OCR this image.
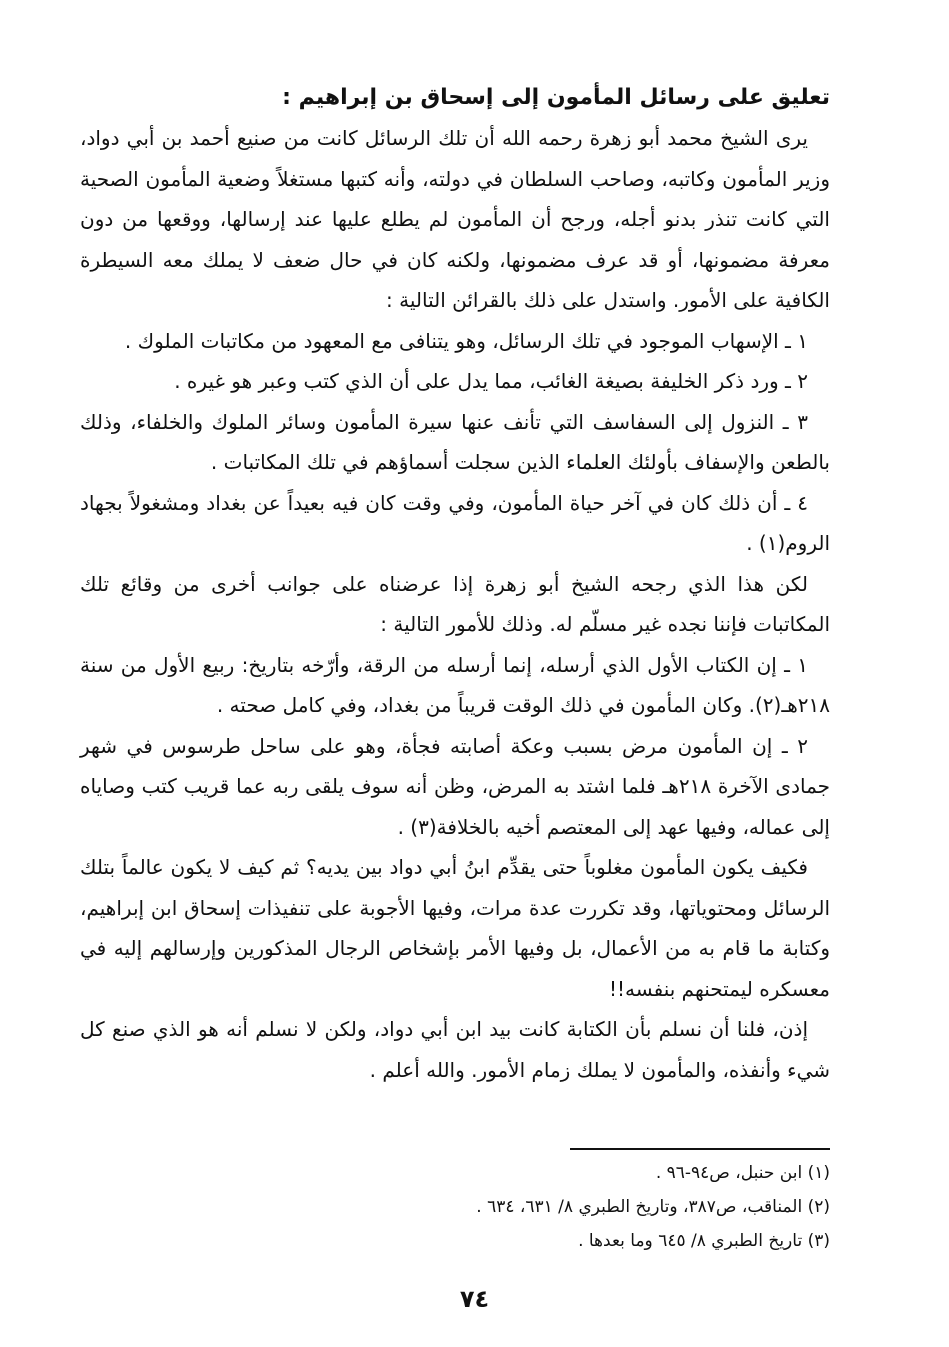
تعليق على رسائل المأمون إلى إسحاق بن إبراهيم :

يرى الشيخ محمد أبو زهرة رحمه الله أن تلك الرسائل كانت من صنيع أحمد بن أبي دواد، وزير المأمون وكاتبه، وصاحب السلطان في دولته، وأنه كتبها مستغلاً وضعية المأمون الصحية التي كانت تنذر بدنو أجله، ورجح أن المأمون لم يطلع عليها عند إرسالها، ووقعها من دون معرفة مضمونها، أو قد عرف مضمونها، ولكنه كان في حال ضعف لا يملك معه السيطرة الكافية على الأمور. واستدل على ذلك بالقرائن التالية :

١ ـ الإسهاب الموجود في تلك الرسائل، وهو يتنافى مع المعهود من مكاتبات الملوك .

٢ ـ ورد ذكر الخليفة بصيغة الغائب، مما يدل على أن الذي كتب وعبر هو غيره .

٣ ـ النزول إلى السفاسف التي تأنف عنها سيرة المأمون وسائر الملوك والخلفاء، وذلك بالطعن والإسفاف بأولئك العلماء الذين سجلت أسماؤهم في تلك المكاتبات .

٤ ـ أن ذلك كان في آخر حياة المأمون، وفي وقت كان فيه بعيداً عن بغداد ومشغولاً بجهاد الروم(١) .

لكن هذا الذي رجحه الشيخ أبو زهرة إذا عرضناه على جوانب أخرى من وقائع تلك المكاتبات فإننا نجده غير مسلّم له. وذلك للأمور التالية :

١ ـ إن الكتاب الأول الذي أرسله، إنما أرسله من الرقة، وأرّخه بتاريخ: ربيع الأول من سنة ٢١٨هـ(٢). وكان المأمون في ذلك الوقت قريباً من بغداد، وفي كامل صحته .

٢ ـ إن المأمون مرض بسبب وعكة أصابته فجأة، وهو على ساحل طرسوس في شهر جمادى الآخرة ٢١٨هـ فلما اشتد به المرض، وظن أنه سوف يلقى ربه عما قريب كتب وصاياه إلى عماله، وفيها عهد إلى المعتصم أخيه بالخلافة(٣) .

فكيف يكون المأمون مغلوباً حتى يقدِّم ابنُ أبي دواد بين يديه؟ ثم كيف لا يكون عالماً بتلك الرسائل ومحتوياتها، وقد تكررت عدة مرات، وفيها الأجوبة على تنفيذات إسحاق ابن إبراهيم، وكتابة ما قام به من الأعمال، بل وفيها الأمر بإشخاص الرجال المذكورين وإرسالهم إليه في معسكره ليمتحنهم بنفسه!!

إذن، فلنا أن نسلم بأن الكتابة كانت بيد ابن أبي دواد، ولكن لا نسلم أنه هو الذي صنع كل شيء وأنفذه، والمأمون لا يملك زمام الأمور. والله أعلم .

(١) ابن حنبل، ص٩٤-٩٦ .

(٢) المناقب، ص٣٨٧، وتاريخ الطبري ٨/ ٦٣١، ٦٣٤ .

(٣) تاريخ الطبري ٨/ ٦٤٥ وما بعدها .

٧٤
